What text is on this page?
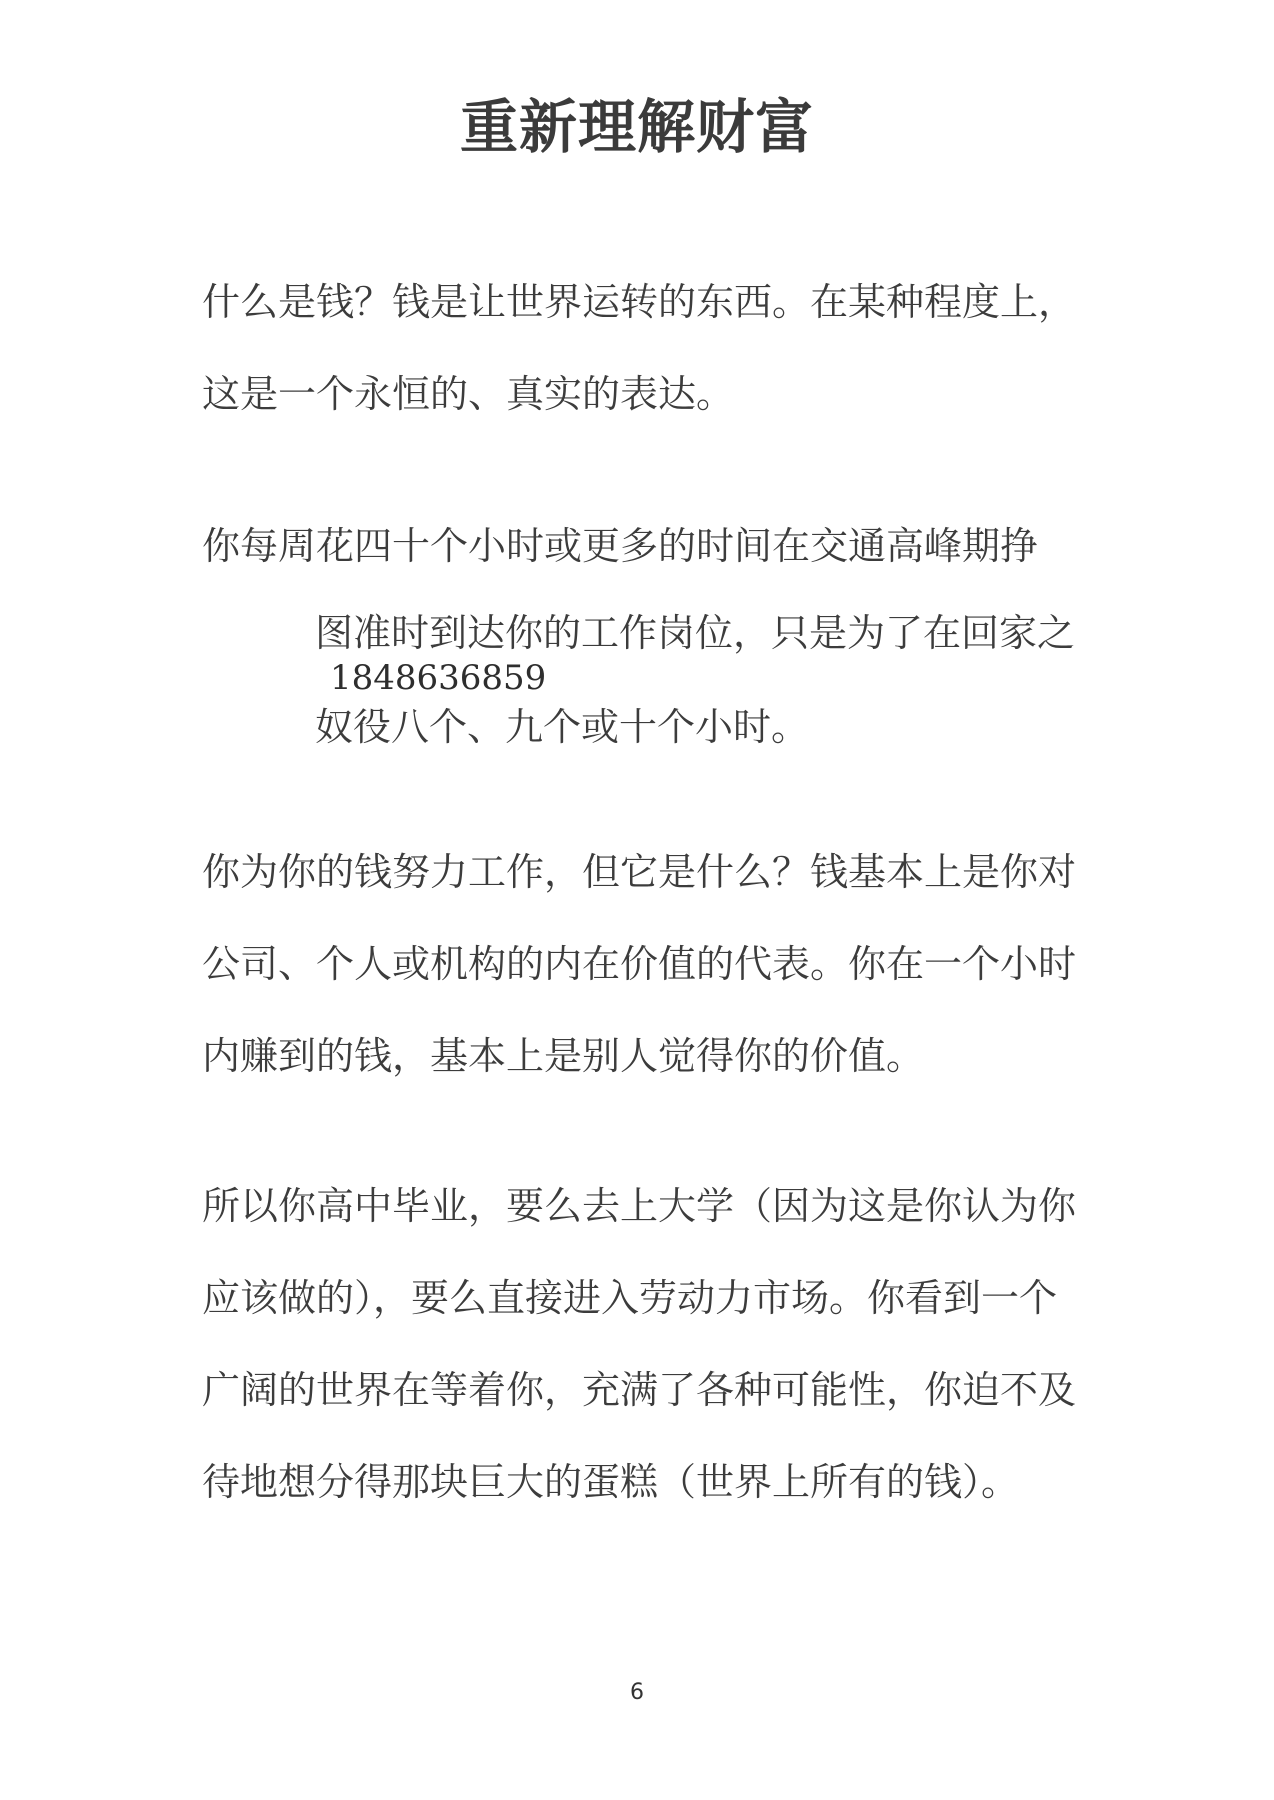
重新理解财富
什么是钱？钱是让世界运转的东西。在某种程度上，
这是一个永恒的、真实的表达。
你每周花四十个小时或更多的时间在交通高峰期挣
图准时到达你的工作岗位，只是为了在回家之
1848636859
奴役八个、九个或十个小时。
你为你的钱努力工作，但它是什么？钱基本上是你对
公司、个人或机构的内在价值的代表。你在一个小时
内赚到的钱，基本上是别人觉得你的价值。
所以你高中毕业，要么去上大学（因为这是你认为你
应该做的），要么直接进入劳动力市场。你看到一个
广阔的世界在等着你，充满了各种可能性，你迫不及
待地想分得那块巨大的蛋糕（世界上所有的钱）。
6
